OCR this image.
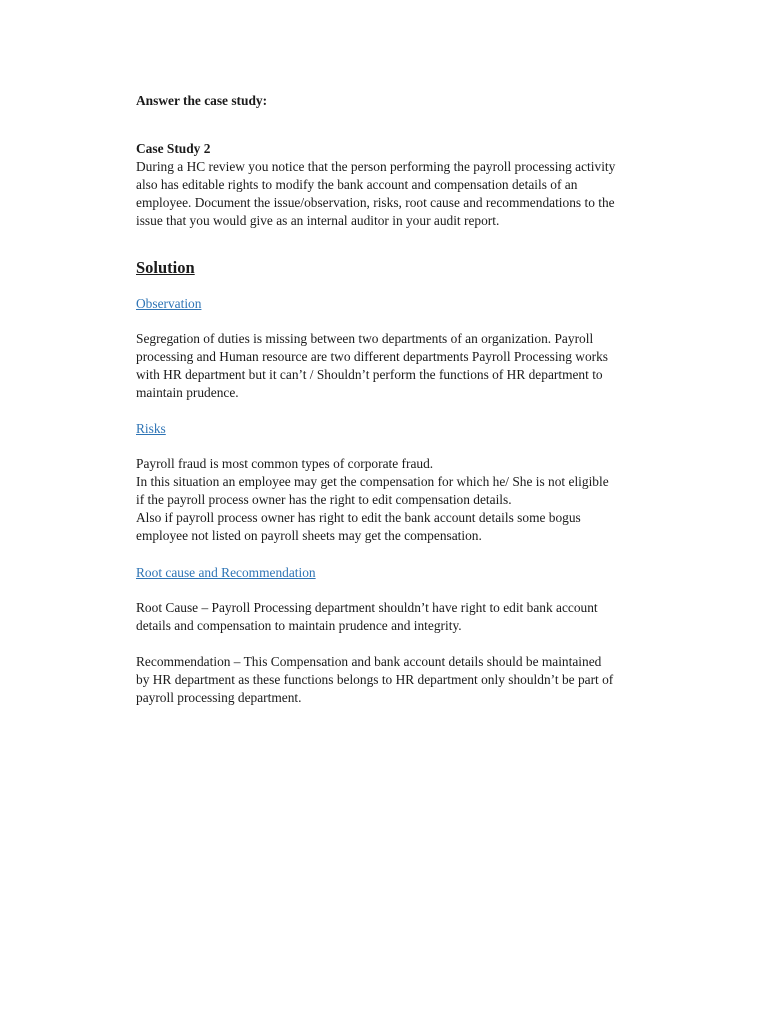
Answer the case study:

Case Study 2

During a HC review you notice that the person performing the payroll processing activity
also has editable rights to modify the bank account and compensation details of an
employee. Document the issue/observation, risks, root cause and recommendations to the
issue that you would give as an internal auditor in your audit report.

Solution

Observation

Segregation of duties is missing between two departments of an organization. Payroll
processing and Human resource are two different departments Payroll Processing works
with HR department but it can’t / Shouldn’t perform the functions of HR department to
maintain prudence.

Risks

Payroll fraud is most common types of corporate fraud.
In this situation an employee may get the compensation for which he/ She is not eligible
if the payroll process owner has the right to edit compensation details.
Also if payroll process owner has right to edit the bank account details some bogus
employee not listed on payroll sheets may get the compensation.

Root cause and Recommendation

Root Cause – Payroll Processing department shouldn’t have right to edit bank account
details and compensation to maintain prudence and integrity.

Recommendation – This Compensation and bank account details should be maintained
by HR department as these functions belongs to HR department only shouldn’t be part of
payroll processing department.
